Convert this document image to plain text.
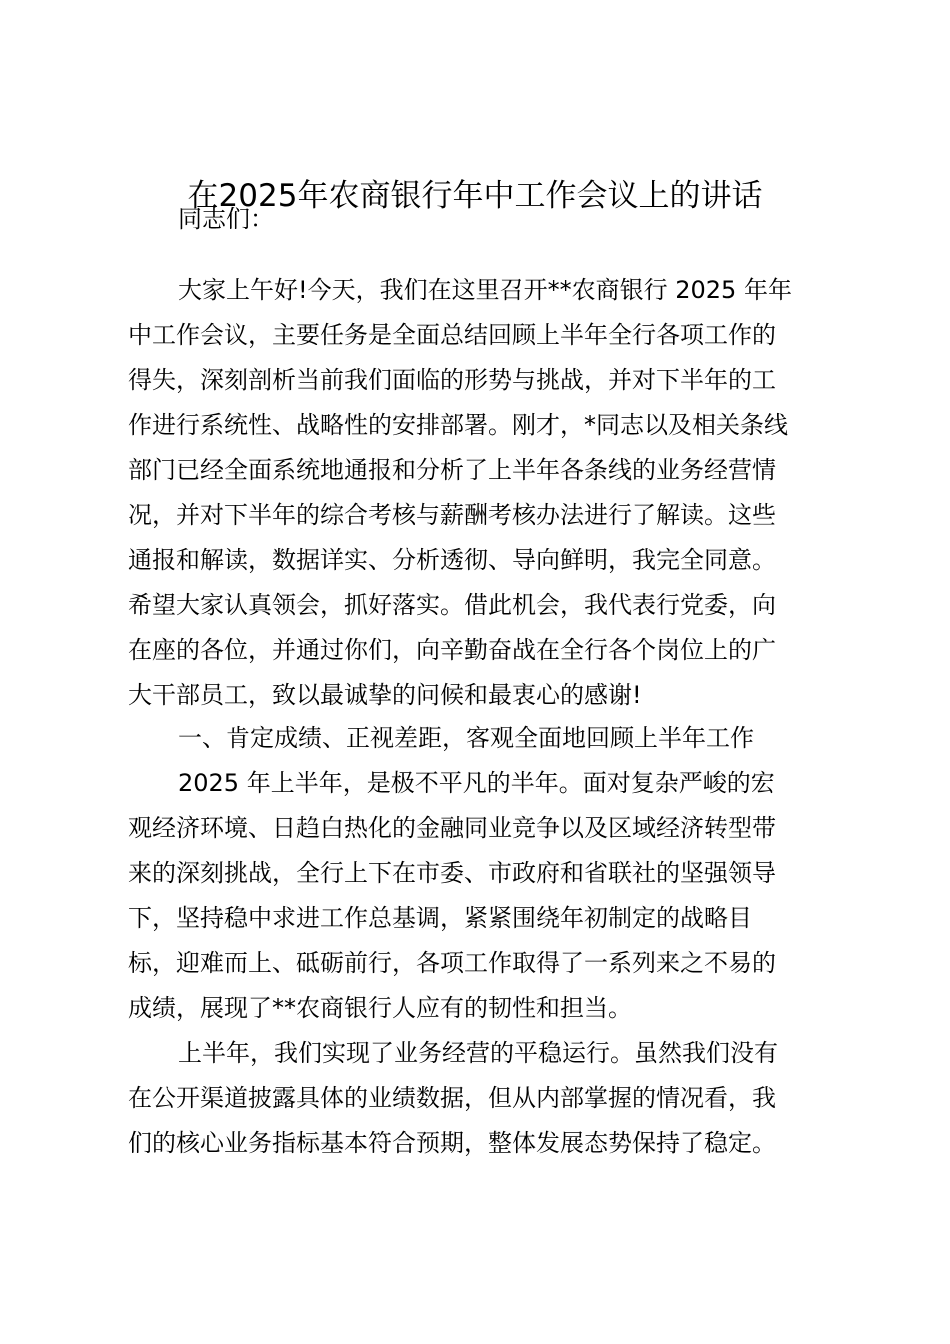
在2025年农商银行年中工作会议上的讲话
同志们：
大家上午好!今天，我们在这里召开**农商银行 2025 年年
中工作会议，主要任务是全面总结回顾上半年全行各项工作的
得失，深刻剖析当前我们面临的形势与挑战，并对下半年的工
作进行系统性、战略性的安排部署。刚才，*同志以及相关条线
部门已经全面系统地通报和分析了上半年各条线的业务经营情
况，并对下半年的综合考核与薪酬考核办法进行了解读。这些
通报和解读，数据详实、分析透彻、导向鲜明，我完全同意。
希望大家认真领会，抓好落实。借此机会，我代表行党委，向
在座的各位，并通过你们，向辛勤奋战在全行各个岗位上的广
大干部员工，致以最诚挚的问候和最衷心的感谢!
一、肯定成绩、正视差距，客观全面地回顾上半年工作
2025 年上半年，是极不平凡的半年。面对复杂严峻的宏
观经济环境、日趋白热化的金融同业竞争以及区域经济转型带
来的深刻挑战，全行上下在市委、市政府和省联社的坚强领导
下，坚持稳中求进工作总基调，紧紧围绕年初制定的战略目
标，迎难而上、砥砺前行，各项工作取得了一系列来之不易的
成绩，展现了**农商银行人应有的韧性和担当。
上半年，我们实现了业务经营的平稳运行。虽然我们没有
在公开渠道披露具体的业绩数据，但从内部掌握的情况看，我
们的核心业务指标基本符合预期，整体发展态势保持了稳定。
